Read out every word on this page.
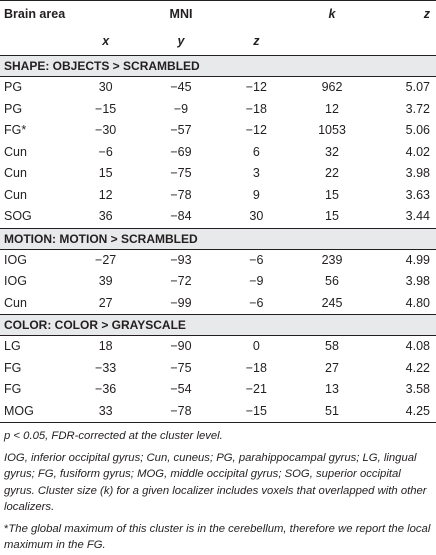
Brain area	MNI			k	z
	x	y	z		
SHAPE: OBJECTS > SCRAMBLED					
PG	30	−45	−12	962	5.07
PG	−15	−9	−18	12	3.72
FG*	−30	−57	−12	1053	5.06
Cun	−6	−69	6	32	4.02
Cun	15	−75	3	22	3.98
Cun	12	−78	9	15	3.63
SOG	36	−84	30	15	3.44
MOTION: MOTION > SCRAMBLED					
IOG	−27	−93	−6	239	4.99
IOG	39	−72	−9	56	3.98
Cun	27	−99	−6	245	4.80
COLOR: COLOR > GRAYSCALE					
LG	18	−90	0	58	4.08
FG	−33	−75	−18	27	4.22
FG	−36	−54	−21	13	3.58
MOG	33	−78	−15	51	4.25

p < 0.05, FDR-corrected at the cluster level.

IOG, inferior occipital gyrus; Cun, cuneus; PG, parahippocampal gyrus; LG, lingual gyrus; FG, fusiform gyrus; MOG, middle occipital gyrus; SOG, superior occipital gyrus. Cluster size (k) for a given localizer includes voxels that overlapped with other localizers.

*The global maximum of this cluster is in the cerebellum, therefore we report the local maximum in the FG.
